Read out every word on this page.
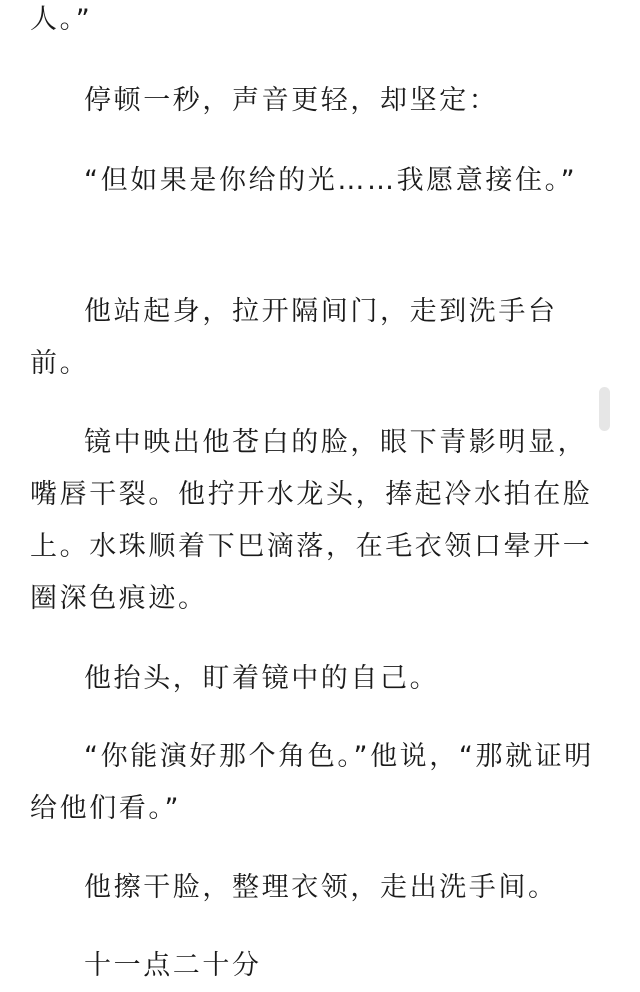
人。”

停顿一秒，声音更轻，却坚定：

“但如果是你给的光……我愿意接住。”

他站起身，拉开隔间门，走到洗手台前。

镜中映出他苍白的脸，眼下青影明显，嘴唇干裂。他拧开水龙头，捧起冷水拍在脸上。水珠顺着下巴滴落，在毛衣领口晕开一圈深色痕迹。

他抬头，盯着镜中的自己。

“你能演好那个角色。”他说，“那就证明给他们看。”

他擦干脸，整理衣领，走出洗手间。

十一点二十分
